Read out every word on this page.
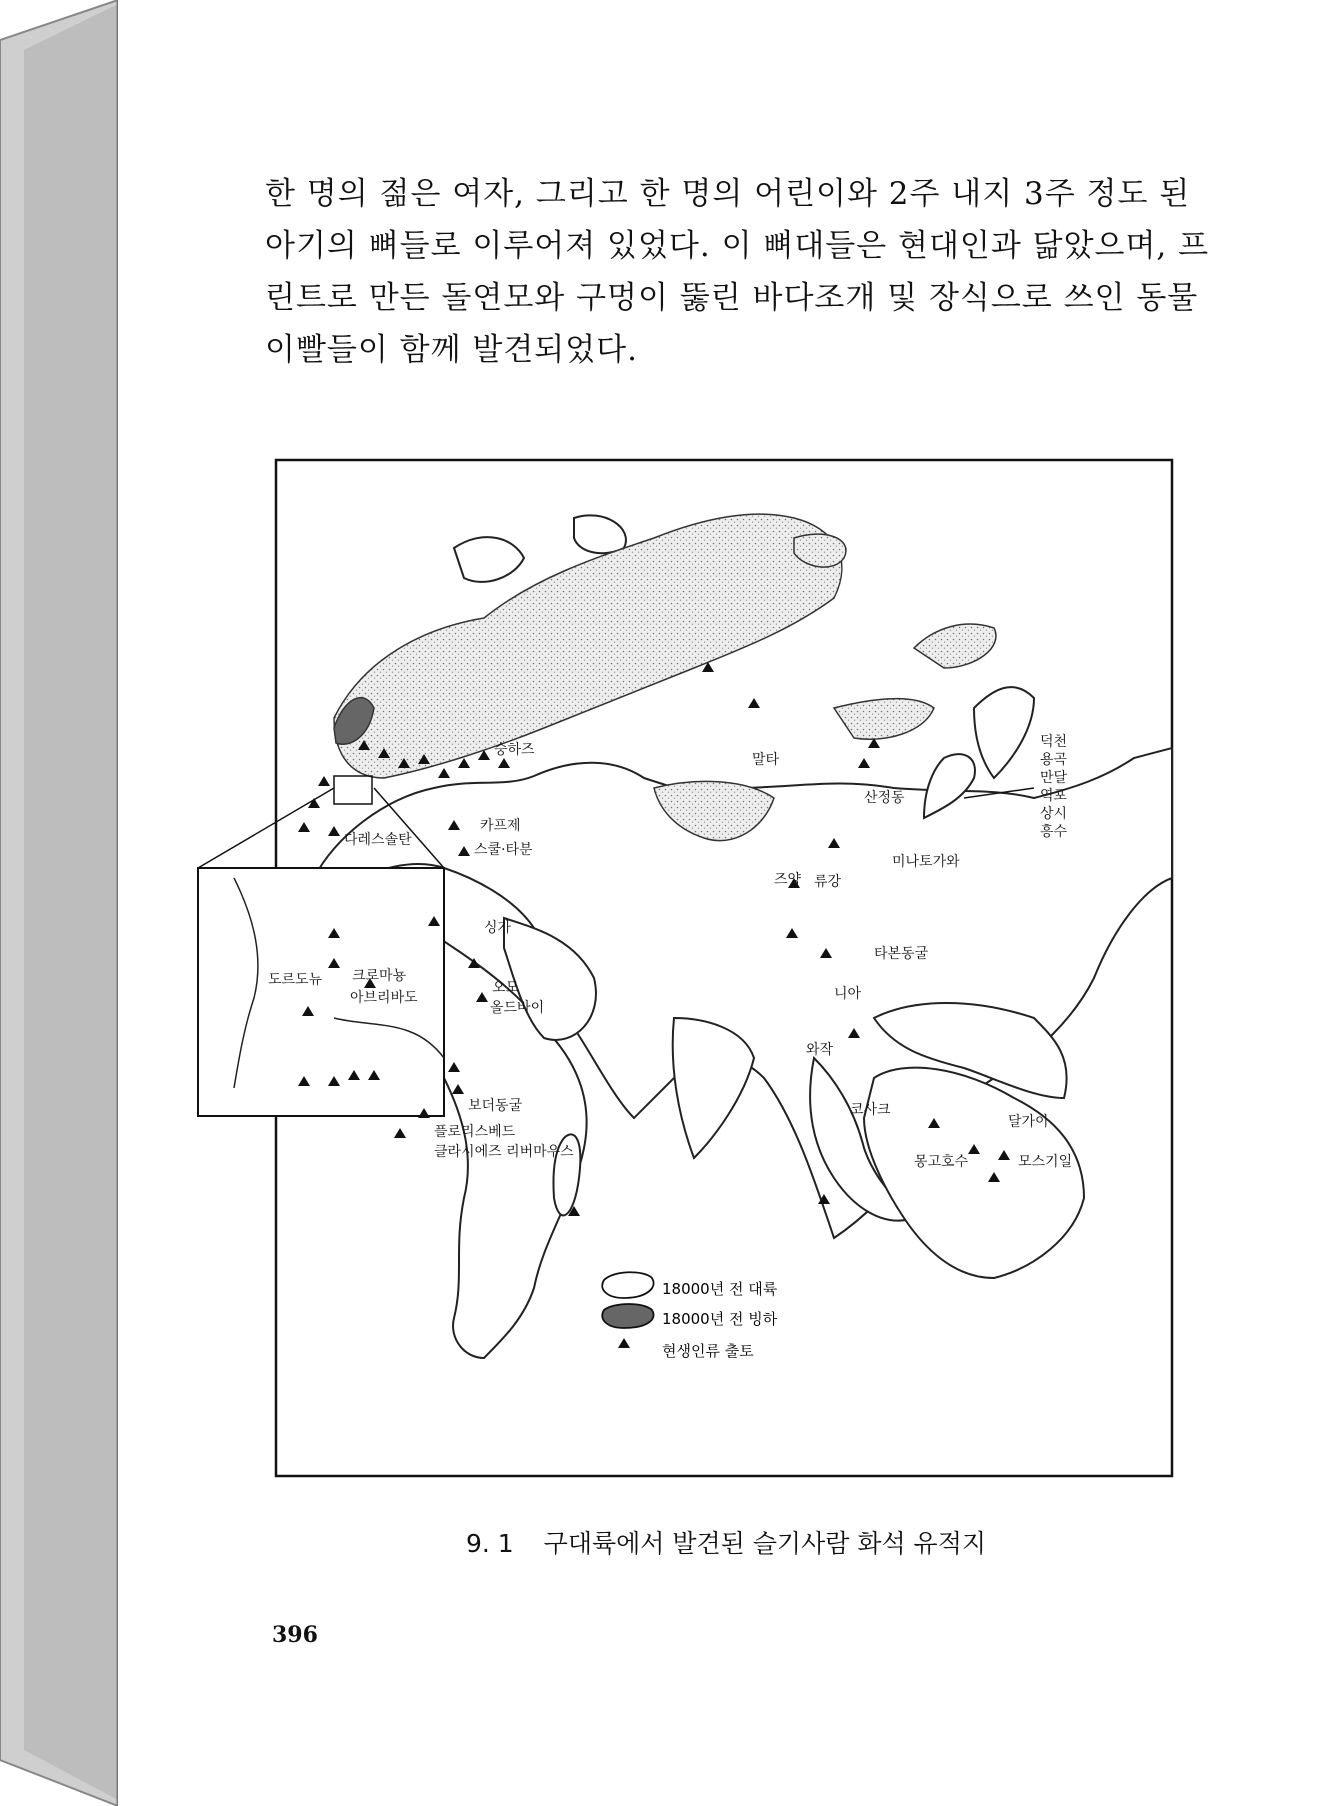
한 명의 젊은 여자, 그리고 한 명의 어린이와 2주 내지 3주 정도 된
아기의 뼈들로 이루어져 있었다. 이 뼈대들은 현대인과 닮았으며, 프
린트로 만든 돌연모와 구멍이 뚫린 바다조개 및 장식으로 쓰인 동물
이빨들이 함께 발견되었다.

말타
숭하즈
카프제
스쿨·타분
다레스솔탄
싱가
오모
올드바이
보더동굴
플로리스베드
클라시에즈 리버마우스
산정동
즈양 류강
미나토가와
타본동굴
니아
와작
코사크
달가이
몽고호수	모스기일
도르도뉴 크로마뇽
아브리바도
덕천
용곡
만달
역포
상시
흥수
18000년 전 대륙
18000년 전 빙하
현생인류 출토
9. 1 구대륙에서 발견된 슬기사람 화석 유적지
396
